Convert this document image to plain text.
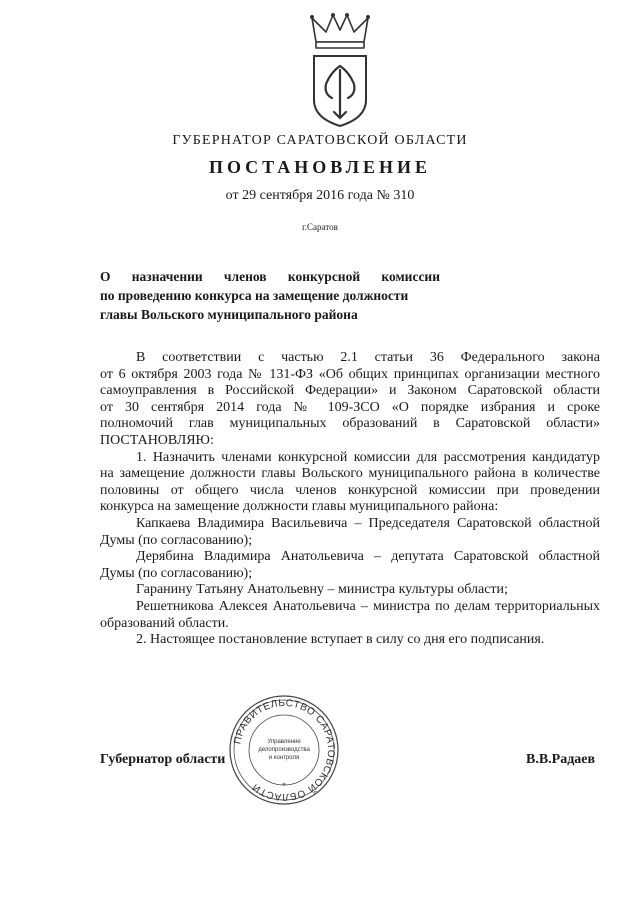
ГУБЕРНАТОР САРАТОВСКОЙ ОБЛАСТИ
ПОСТАНОВЛЕНИЕ
от 29 сентября 2016 года № 310
г.Саратов
О назначении членов конкурсной комиссии
по проведению конкурса на замещение должности
главы Вольского муниципального района

В соответствии с частью 2.1 статьи 36 Федерального закона

от 6 октября 2003 года № 131-ФЗ «Об общих принципах организации местного

самоуправления в Российской Федерации» и Законом Саратовской области

от 30 сентября 2014 года № 109-ЗСО «О порядке избрания и сроке

полномочий глав муниципальных образований в Саратовской области»

ПОСТАНОВЛЯЮ:

1. Назначить членами конкурсной комиссии для рассмотрения кандидатур

на замещение должности главы Вольского муниципального района в количестве

половины от общего числа членов конкурсной комиссии при проведении

конкурса на замещение должности главы муниципального района:

Капкаева Владимира Васильевича – Председателя Саратовской областной

Думы (по согласованию);

Дерябина Владимира Анатольевича – депутата Саратовской областной

Думы (по согласованию);

Гаранину Татьяну Анатольевну – министра культуры области;

Решетникова Алексея Анатольевича – министра по делам территориальных

образований области.

2. Настоящее постановление вступает в силу со дня его подписания.

Губернатор области	В.В.Радаев
ПРАВИТЕЛЬСТВО САРАТОВСКОЙ ОБЛАСТИ
Управление
делопроизводства
и контроля
*
